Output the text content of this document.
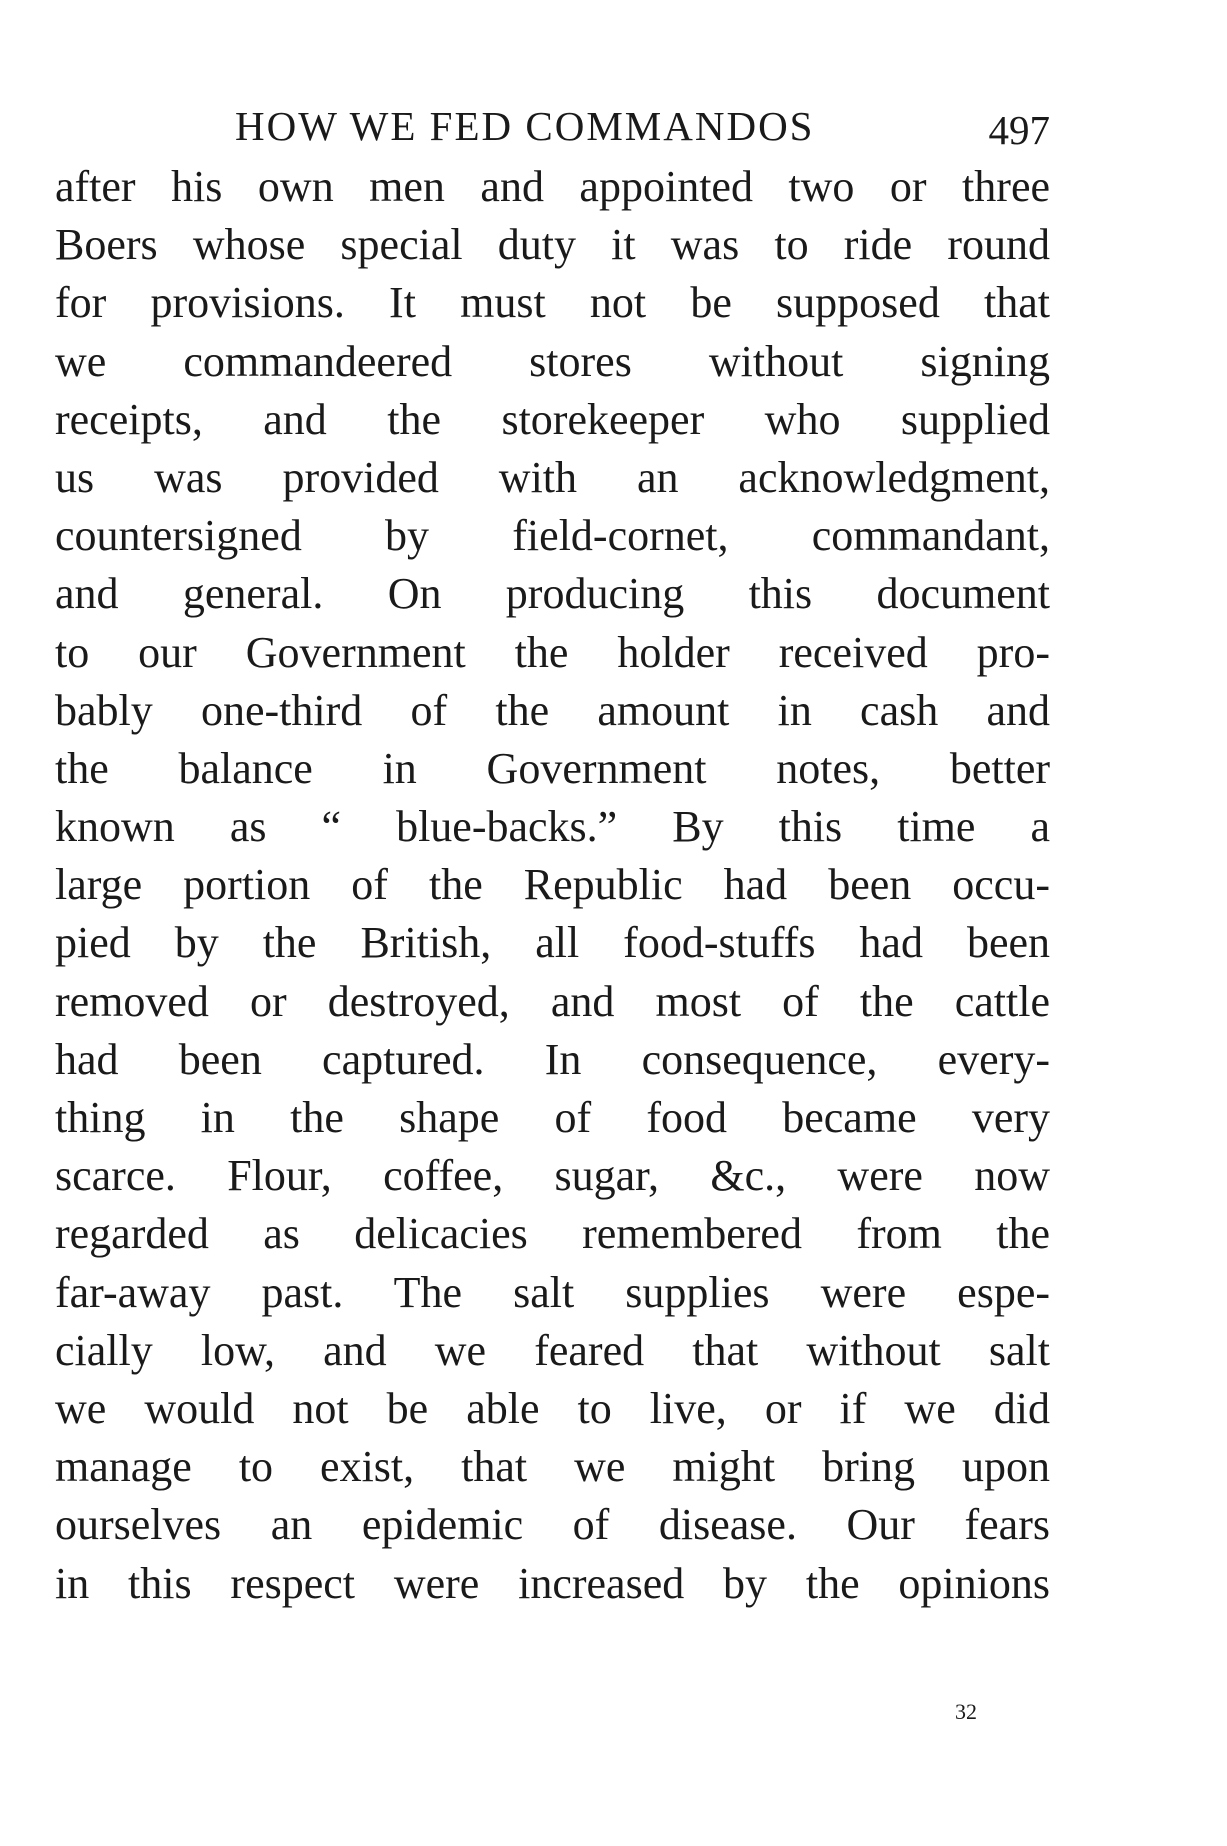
HOW WE FED COMMANDOS	497
after his own men and appointed two or three
Boers whose special duty it was to ride round
for provisions. It must not be supposed that
we commandeered stores without signing
receipts, and the storekeeper who supplied
us was provided with an acknowledgment,
countersigned by field-cornet, commandant,
and general. On producing this document
to our Government the holder received pro-
bably one-third of the amount in cash and
the balance in Government notes, better
known as “ blue-backs.” By this time a
large portion of the Republic had been occu-
pied by the British, all food-stuffs had been
removed or destroyed, and most of the cattle
had been captured. In consequence, every-
thing in the shape of food became very
scarce. Flour, coffee, sugar, &c., were now
regarded as delicacies remembered from the
far-away past. The salt supplies were espe-
cially low, and we feared that without salt
we would not be able to live, or if we did
manage to exist, that we might bring upon
ourselves an epidemic of disease. Our fears
in this respect were increased by the opinions
32
